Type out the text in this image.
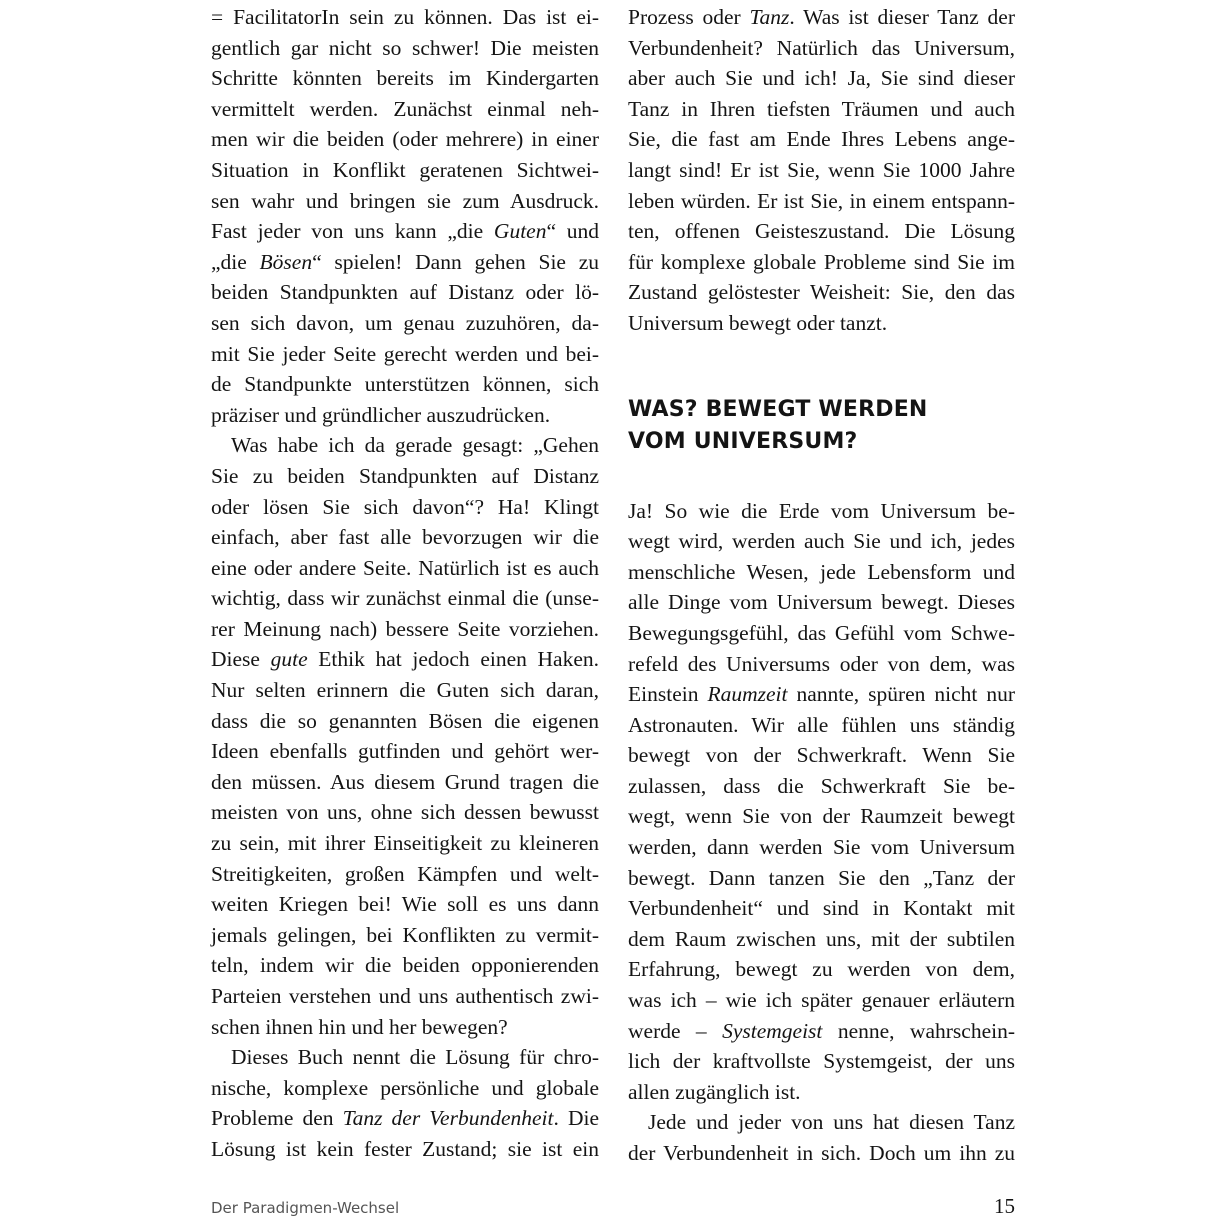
= FacilitatorIn sein zu können. Das ist ei-
gentlich gar nicht so schwer! Die meisten
Schritte könnten bereits im Kindergarten
vermittelt werden. Zunächst einmal neh-
men wir die beiden (oder mehrere) in einer
Situation in Konflikt geratenen Sichtwei-
sen wahr und bringen sie zum Ausdruck.
Fast jeder von uns kann „die Guten“ und
„die Bösen“ spielen! Dann gehen Sie zu
beiden Standpunkten auf Distanz oder lö-
sen sich davon, um genau zuzuhören, da-
mit Sie jeder Seite gerecht werden und bei-
de Standpunkte unterstützen können, sich
präziser und gründlicher auszudrücken.
Was habe ich da gerade gesagt: „Gehen
Sie zu beiden Standpunkten auf Distanz
oder lösen Sie sich davon“? Ha! Klingt
einfach, aber fast alle bevorzugen wir die
eine oder andere Seite. Natürlich ist es auch
wichtig, dass wir zunächst einmal die (unse-
rer Meinung nach) bessere Seite vorziehen.
Diese gute Ethik hat jedoch einen Haken.
Nur selten erinnern die Guten sich daran,
dass die so genannten Bösen die eigenen
Ideen ebenfalls gutfinden und gehört wer-
den müssen. Aus diesem Grund tragen die
meisten von uns, ohne sich dessen bewusst
zu sein, mit ihrer Einseitigkeit zu kleineren
Streitigkeiten, großen Kämpfen und welt-
weiten Kriegen bei! Wie soll es uns dann
jemals gelingen, bei Konflikten zu vermit-
teln, indem wir die beiden opponierenden
Parteien verstehen und uns authentisch zwi-
schen ihnen hin und her bewegen?
Dieses Buch nennt die Lösung für chro-
nische, komplexe persönliche und globale
Probleme den Tanz der Verbundenheit. Die
Lösung ist kein fester Zustand; sie ist ein
Prozess oder Tanz. Was ist dieser Tanz der
Verbundenheit? Natürlich das Universum,
aber auch Sie und ich! Ja, Sie sind dieser
Tanz in Ihren tiefsten Träumen und auch
Sie, die fast am Ende Ihres Lebens ange-
langt sind! Er ist Sie, wenn Sie 1000 Jahre
leben würden. Er ist Sie, in einem entspann-
ten, offenen Geisteszustand. Die Lösung
für komplexe globale Probleme sind Sie im
Zustand gelöstester Weisheit: Sie, den das
Universum bewegt oder tanzt.
Ja! So wie die Erde vom Universum be-
wegt wird, werden auch Sie und ich, jedes
menschliche Wesen, jede Lebensform und
alle Dinge vom Universum bewegt. Dieses
Bewegungsgefühl, das Gefühl vom Schwe-
refeld des Universums oder von dem, was
Einstein Raumzeit nannte, spüren nicht nur
Astronauten. Wir alle fühlen uns ständig
bewegt von der Schwerkraft. Wenn Sie
zulassen, dass die Schwerkraft Sie be-
wegt, wenn Sie von der Raumzeit bewegt
werden, dann werden Sie vom Universum
bewegt. Dann tanzen Sie den „Tanz der
Verbundenheit“ und sind in Kontakt mit
dem Raum zwischen uns, mit der subtilen
Erfahrung, bewegt zu werden von dem,
was ich – wie ich später genauer erläutern
werde – Systemgeist nenne, wahrschein-
lich der kraftvollste Systemgeist, der uns
allen zugänglich ist.
Jede und jeder von uns hat diesen Tanz
der Verbundenheit in sich. Doch um ihn zu
WAS? BEWEGT WERDEN
VOM UNIVERSUM?
Der Paradigmen-Wechsel	15
